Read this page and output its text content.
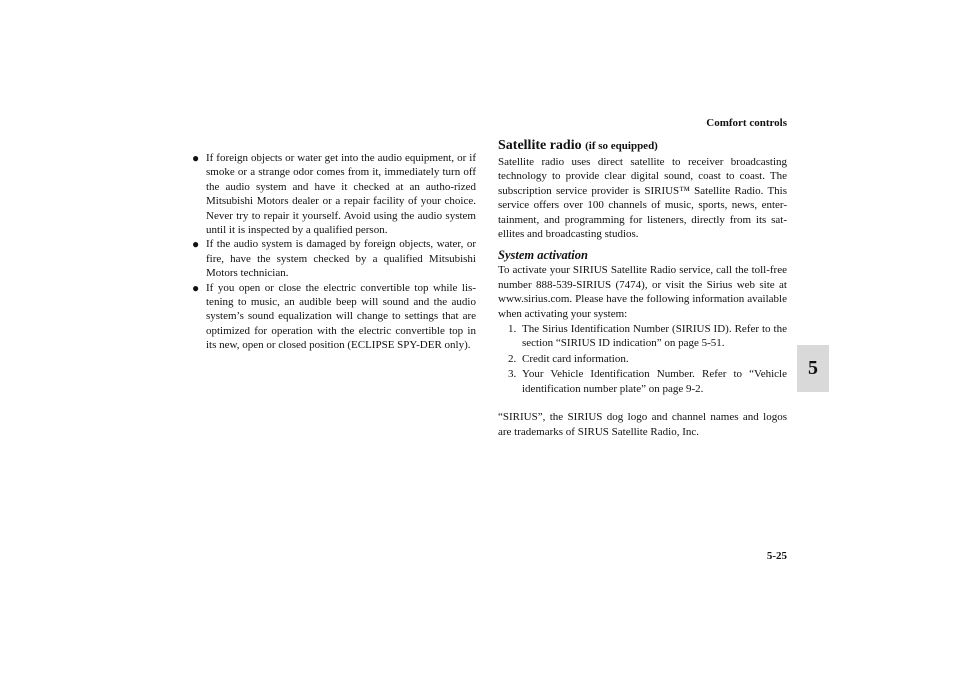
Comfort controls
● If foreign objects or water get into the audio equipment, or if smoke or a strange odor comes from it, immediately turn off the audio system and have it checked at an autho-rized Mitsubishi Motors dealer or a repair facility of your choice. Never try to repair it yourself. Avoid using the audio system until it is inspected by a qualified person.
● If the audio system is damaged by foreign objects, water, or fire, have the system checked by a qualified Mitsubishi Motors technician.
● If you open or close the electric convertible top while lis-tening to music, an audible beep will sound and the audio system’s sound equalization will change to settings that are optimized for operation with the electric convertible top in its new, open or closed position (ECLIPSE SPY-DER only).
Satellite radio (if so equipped)

Satellite radio uses direct satellite to receiver broadcasting technology to provide clear digital sound, coast to coast. The subscription service provider is SIRIUS™ Satellite Radio. This service offers over 100 channels of music, sports, news, enter-tainment, and programming for listeners, directly from its sat-ellites and broadcasting studios.

System activation

To activate your SIRIUS Satellite Radio service, call the toll-free number 888-539-SIRIUS (7474), or visit the Sirius web site at www.sirius.com. Please have the following information available when activating your system:

1. The Sirius Identification Number (SIRIUS ID). Refer to the section “SIRIUS ID indication” on page 5-51.
2. Credit card information.
3. Your Vehicle Identification Number. Refer to “Vehicle identification number plate” on page 9-2.

“SIRIUS”, the SIRIUS dog logo and channel names and logos are trademarks of SIRUS Satellite Radio, Inc.

5
5-25
